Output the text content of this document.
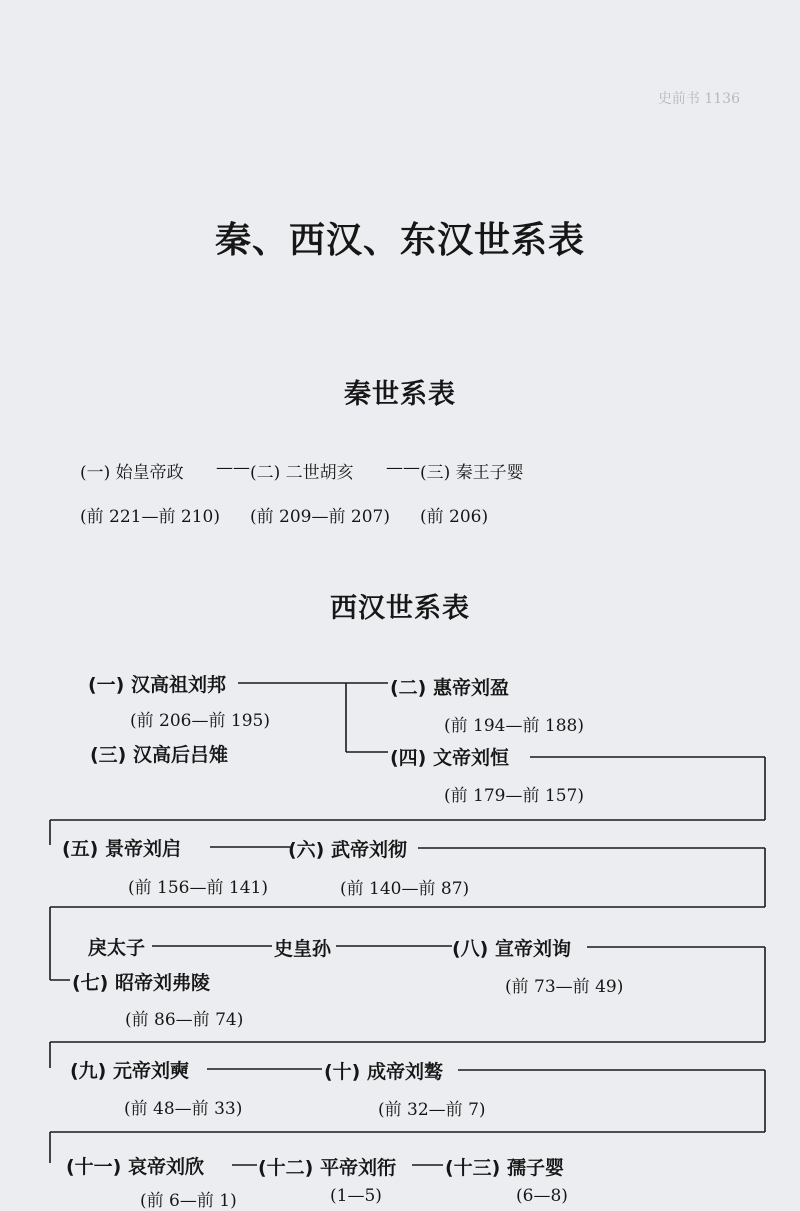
史前书 1136
秦、西汉、东汉世系表
秦世系表
(一) 始皇帝政
(前 221—前 210)
—— (二) 二世胡亥
(前 209—前 207)
—— (三) 秦王子婴
(前 206)
西汉世系表
(一) 汉高祖刘邦
(前 206—前 195)
(三) 汉高后吕雉
(二) 惠帝刘盈
(前 194—前 188)
(四) 文帝刘恒
(前 179—前 157)
(五) 景帝刘启
(前 156—前 141)
(六) 武帝刘彻
(前 140—前 87)
戾太子	史皇孙	(八) 宣帝刘询
(前 73—前 49)
(七) 昭帝刘弗陵
(前 86—前 74)
(九) 元帝刘奭
(前 48—前 33)
(十) 成帝刘骜
(前 32—前 7)
(十一) 哀帝刘欣
(前 6—前 1)
(十二) 平帝刘衎
(1—5)
(十三) 孺子婴
(6—8)
